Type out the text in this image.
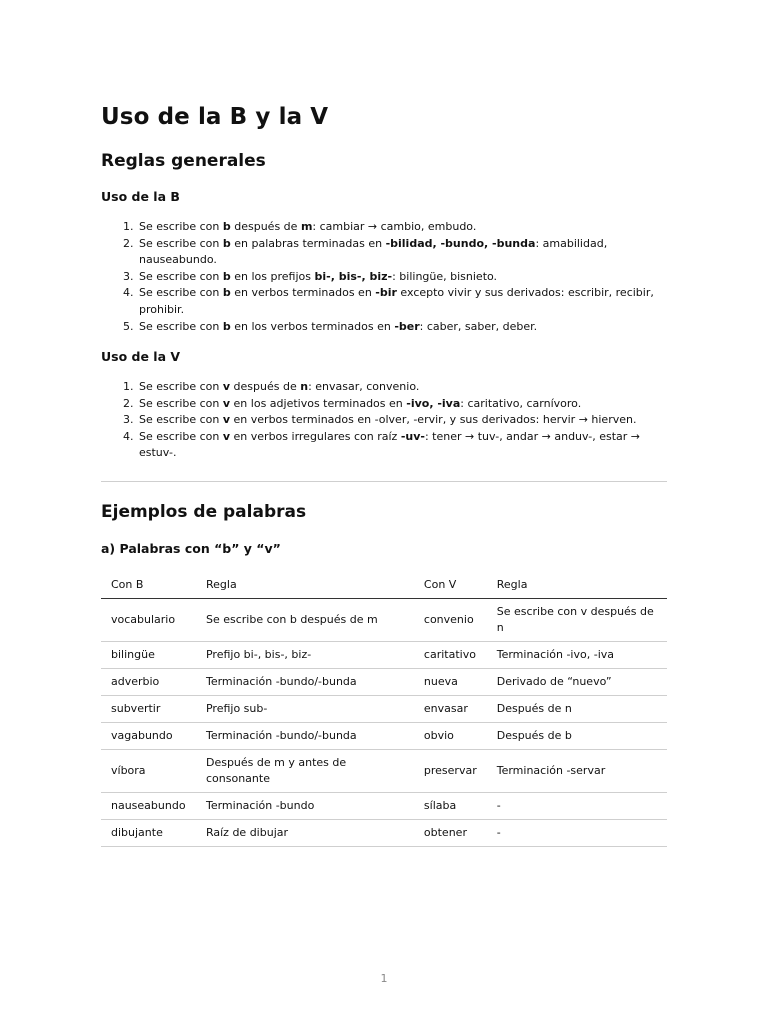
Uso de la B y la V
Reglas generales
Uso de la B
1. Se escribe con b después de m: cambiar → cambio, embudo.
2. Se escribe con b en palabras terminadas en -bilidad, -bundo, -bunda: amabilidad, nauseabundo.
3. Se escribe con b en los prefijos bi-, bis-, biz-: bilingüe, bisnieto.
4. Se escribe con b en verbos terminados en -bir excepto vivir y sus derivados: escribir, recibir, prohibir.
5. Se escribe con b en los verbos terminados en -ber: caber, saber, deber.
Uso de la V
1. Se escribe con v después de n: envasar, convenio.
2. Se escribe con v en los adjetivos terminados en -ivo, -iva: caritativo, carnívoro.
3. Se escribe con v en verbos terminados en -olver, -ervir, y sus derivados: hervir → hierven.
4. Se escribe con v en verbos irregulares con raíz -uv-: tener → tuv-, andar → anduv-, estar → estuv-.
Ejemplos de palabras
a) Palabras con “b” y “v”
Con B	Regla	Con V	Regla
vocabulario	Se escribe con b después de m	convenio	Se escribe con v después de n
bilingüe	Prefijo bi-, bis-, biz-	caritativo	Terminación -ivo, -iva
adverbio	Terminación -bundo/-bunda	nueva	Derivado de “nuevo”
subvertir	Prefijo sub-	envasar	Después de n
vagabundo	Terminación -bundo/-bunda	obvio	Después de b
víbora	Después de m y antes de consonante	preservar	Terminación -servar
nauseabundo	Terminación -bundo	sílaba	-
dibujante	Raíz de dibujar	obtener	-
1
